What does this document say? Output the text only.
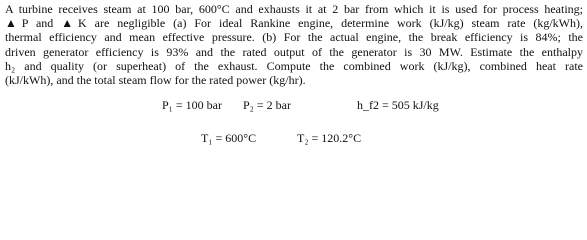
A turbine receives steam at 100 bar, 600°C and exhausts it at 2 bar from which it is used for process heating;
▲P and ▲K are negligible (a) For ideal Rankine engine, determine work (kJ/kg) steam rate (kg/kWh),
thermal efficiency and mean effective pressure. (b) For the actual engine, the break efficiency is 84%; the
driven generator efficiency is 93% and the rated output of the generator is 30 MW. Estimate the enthalpy
h₂ and quality (or superheat) of the exhaust. Compute the combined work (kJ/kg), combined heat rate
(kJ/kWh), and the total steam flow for the rated power (kg/hr).
P₁ = 100 bar P₂ = 2 bar	h_f2 = 505 kJ/kg
T₁ = 600°C	T₂ = 120.2°C
